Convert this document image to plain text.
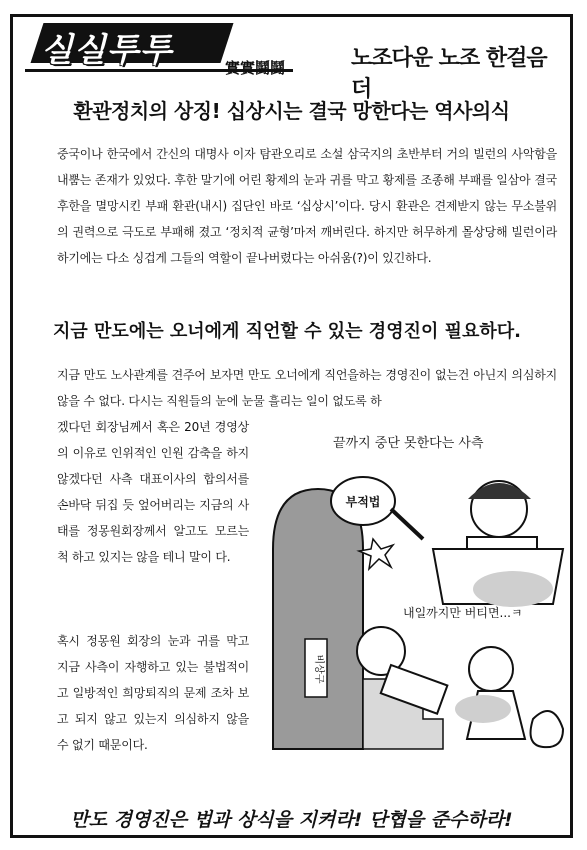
실실투투	實實鬪鬪	노조다운 노조 한걸음 더
환관정치의 상징! 십상시는 결국 망한다는 역사의식
중국이나 한국에서 간신의 대명사 이자 탐관오리로 소설 삼국지의 초반부터 거의 빌런의 사악함을 내뿜는 존재가 있었다. 후한 말기에 어린 황제의 눈과 귀를 막고 황제를 조종해 부패를 일삼아 결국 후한을 멸망시킨 부패 환관(내시) 집단인 바로 ‘십상시’이다. 당시 환관은 견제받지 않는 무소불위의 권력으로 극도로 부패해 졌고 ‘정치적 균형’마저 깨버린다. 하지만 허무하게 몰상당해 빌런이라 하기에는 다소 싱겁게 그들의 역할이 끝나버렸다는 아쉬움(?)이 있긴하다.
지금 만도에는 오너에게 직언할 수 있는 경영진이 필요하다.
지금 만도 노사관계를 견주어 보자면 만도 오너에게 직언을하는 경영진이 없는건 아닌지 의심하지 않을 수 없다. 다시는 직원들의 눈에 눈물 흘리는 일이 없도록 하
겠다던 회장님께서 혹은 20년 경영상의 이유로 인위적인 인원 감축을 하지 않겠다던 사측 대표이사의 합의서를 손바닥 뒤집 듯 엎어버리는 지금의 사태를 정몽원회장께서 알고도 모르는 척 하고 있지는 않을 테니 말이 다.
혹시 정몽원 회장의 눈과 귀를 막고 지금 사측이 자행하고 있는 불법적이고 일방적인 희망퇴직의 문제 조차 보고 되지 않고 있는지 의심하지 않을 수 없기 때문이다.
끝까지 중단 못한다는 사측
비상구
부적법
내일까지만 버티면...ㅋ
만도 경영진은 법과 상식을 지켜라! 단협을 준수하라!
